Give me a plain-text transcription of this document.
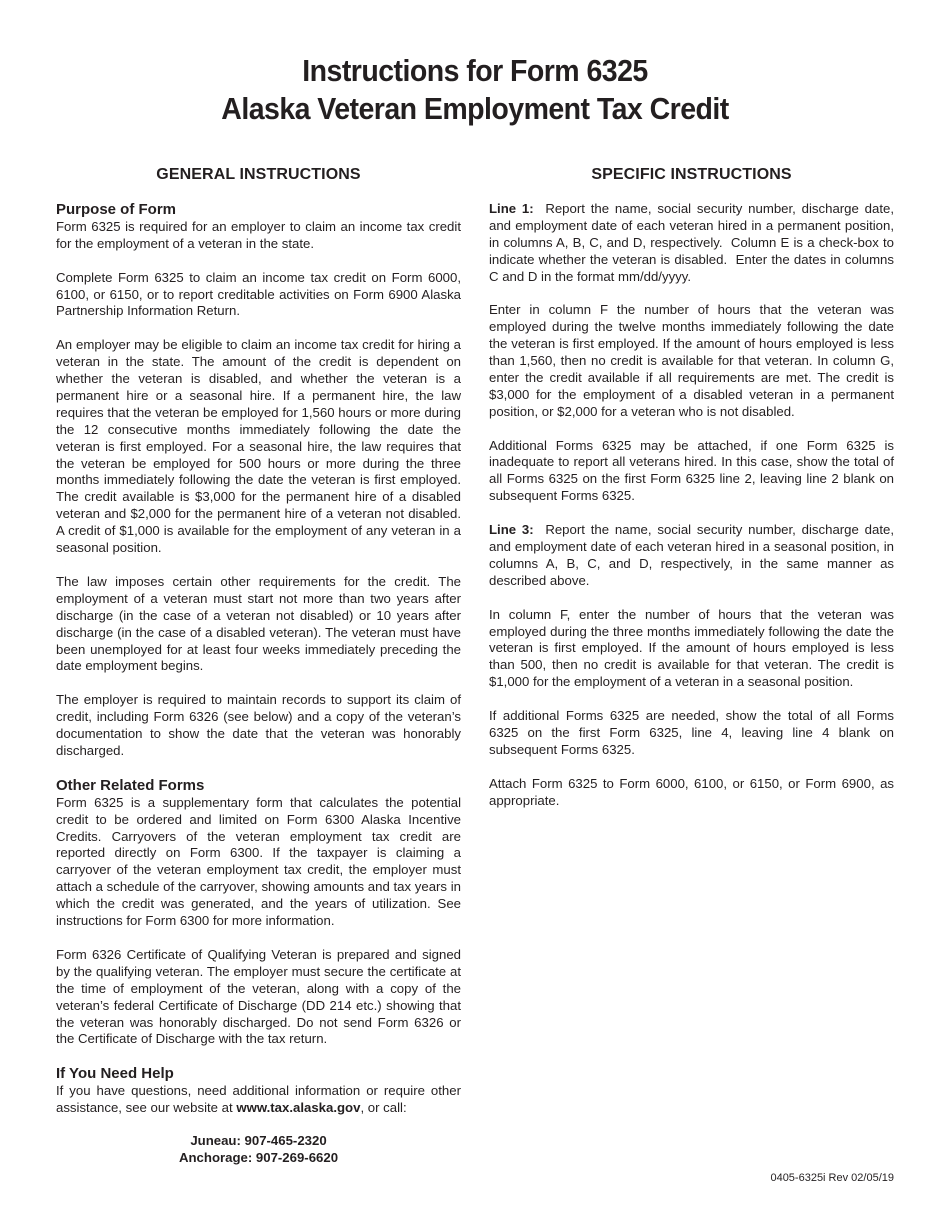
Instructions for Form 6325
Alaska Veteran Employment Tax Credit
GENERAL INSTRUCTIONS
Purpose of Form

Form 6325 is required for an employer to claim an income tax credit for the employment of a veteran in the state.

Complete Form 6325 to claim an income tax credit on Form 6000, 6100, or 6150, or to report creditable activities on Form 6900 Alaska Partnership Information Return.

An employer may be eligible to claim an income tax credit for hiring a veteran in the state. The amount of the credit is dependent on whether the veteran is disabled, and whether the veteran is a permanent hire or a seasonal hire. If a permanent hire, the law requires that the veteran be employed for 1,560 hours or more during the 12 consecutive months immediately following the date the veteran is first employed. For a seasonal hire, the law requires that the veteran be employed for 500 hours or more during the three months immediately following the date the veteran is first employed. The credit available is $3,000 for the permanent hire of a disabled veteran and $2,000 for the permanent hire of a veteran not disabled. A credit of $1,000 is available for the employment of any veteran in a seasonal position.

The law imposes certain other requirements for the credit. The employment of a veteran must start not more than two years after discharge (in the case of a veteran not disabled) or 10 years after discharge (in the case of a disabled veteran). The veteran must have been unemployed for at least four weeks immediately preceding the date employment begins.

The employer is required to maintain records to support its claim of credit, including Form 6326 (see below) and a copy of the veteran’s documentation to show the date that the veteran was honorably discharged.

Other Related Forms

Form 6325 is a supplementary form that calculates the potential credit to be ordered and limited on Form 6300 Alaska Incentive Credits. Carryovers of the veteran employment tax credit are reported directly on Form 6300. If the taxpayer is claiming a carryover of the veteran employment tax credit, the employer must attach a schedule of the carryover, showing amounts and tax years in which the credit was generated, and the years of utilization. See instructions for Form 6300 for more information.

Form 6326 Certificate of Qualifying Veteran is prepared and signed by the qualifying veteran. The employer must secure the certificate at the time of employment of the veteran, along with a copy of the veteran’s federal Certificate of Discharge (DD 214 etc.) showing that the veteran was honorably discharged. Do not send Form 6326 or the Certificate of Discharge with the tax return.

If You Need Help
If you have questions, need additional information or require other assistance, see our website at www.tax.alaska.gov, or call:
Juneau: 907-465-2320
Anchorage: 907-269-6620
SPECIFIC INSTRUCTIONS

Line 1:  Report the name, social security number, discharge date, and employment date of each veteran hired in a permanent position, in columns A, B, C, and D, respectively.  Column E is a check-box to indicate whether the veteran is disabled.  Enter the dates in columns C and D in the format mm/dd/yyyy.

Enter in column F the number of hours that the veteran was employed during the twelve months immediately following the date the veteran is first employed. If the amount of hours employed is less than 1,560, then no credit is available for that veteran. In column G, enter the credit available if all requirements are met. The credit is $3,000 for the employment of a disabled veteran in a permanent position, or $2,000 for a veteran who is not disabled.

Additional Forms 6325 may be attached, if one Form 6325 is inadequate to report all veterans hired. In this case, show the total of all Forms 6325 on the first Form 6325 line 2, leaving line 2 blank on subsequent Forms 6325.

Line 3:  Report the name, social security number, discharge date, and employment date of each veteran hired in a seasonal position, in columns A, B, C, and D, respectively, in the same manner as described above.

In column F, enter the number of hours that the veteran was employed during the three months immediately following the date the veteran is first employed. If the amount of hours employed is less than 500, then no credit is available for that veteran. The credit is $1,000 for the employment of a veteran in a seasonal position.

If additional Forms 6325 are needed, show the total of all Forms 6325 on the first Form 6325, line 4, leaving line 4 blank on subsequent Forms 6325.

Attach Form 6325 to Form 6000, 6100, or 6150, or Form 6900, as appropriate.

0405-6325i Rev 02/05/19
